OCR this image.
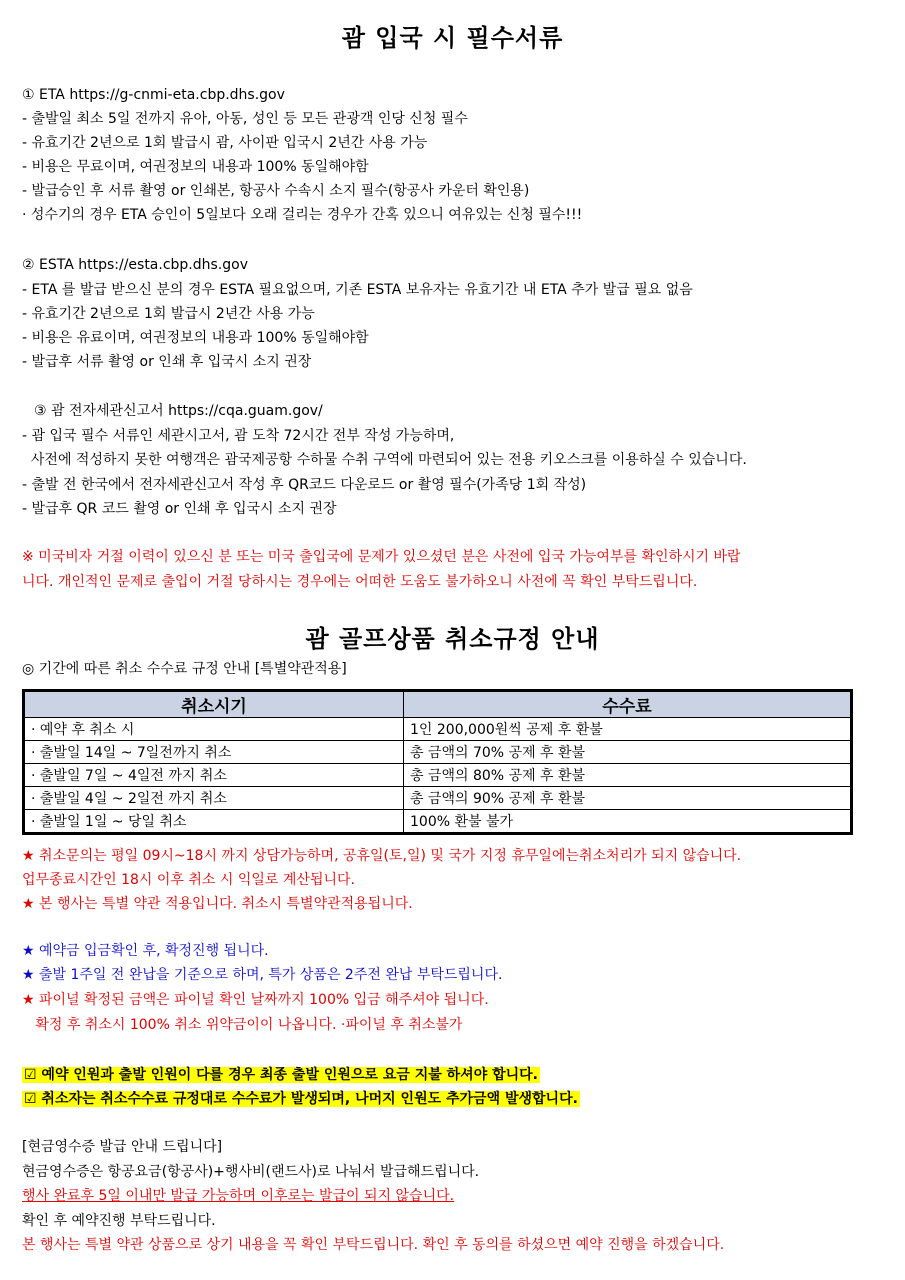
괌 입국 시 필수서류
① ETA https://g-cnmi-eta.cbp.dhs.gov
- 출발일 최소 5일 전까지 유아, 아동, 성인 등 모든 관광객 인당 신청 필수
- 유효기간 2년으로 1회 발급시 괌, 사이판 입국시 2년간 사용 가능
- 비용은 무료이며, 여권정보의 내용과 100% 동일해야함
- 발급승인 후 서류 촬영 or 인쇄본, 항공사 수속시 소지 필수(항공사 카운터 확인용)
· 성수기의 경우 ETA 승인이 5일보다 오래 걸리는 경우가 간혹 있으니 여유있는 신청 필수!!!
② ESTA https://esta.cbp.dhs.gov
- ETA 를 발급 받으신 분의 경우 ESTA 필요없으며, 기존 ESTA 보유자는 유효기간 내 ETA 추가 발급 필요 없음
- 유효기간 2년으로 1회 발급시 2년간 사용 가능
- 비용은 유료이며, 여권정보의 내용과 100% 동일해야함
- 발급후 서류 촬영 or 인쇄 후 입국시 소지 권장
③ 괌 전자세관신고서 https://cqa.guam.gov/
- 괌 입국 필수 서류인 세관시고서, 괌 도착 72시간 전부 작성 가능하며,
사전에 적성하지 못한 여행객은 괌국제공항 수하물 수취 구역에 마련되어 있는 전용 키오스크를 이용하실 수 있습니다.
- 출발 전 한국에서 전자세관신고서 작성 후 QR코드 다운로드 or 촬영 필수(가족당 1회 작성)
- 발급후 QR 코드 촬영 or 인쇄 후 입국시 소지 권장
※ 미국비자 거절 이력이 있으신 분 또는 미국 출입국에 문제가 있으셨던 분은 사전에 입국 가능여부를 확인하시기 바랍
니다. 개인적인 문제로 출입이 거절 당하시는 경우에는 어떠한 도움도 불가하오니 사전에 꼭 확인 부탁드립니다.
괌 골프상품 취소규정 안내
◎ 기간에 따른 취소 수수료 규정 안내 [특별약관적용]
취소시기	수수료
· 예약 후 취소 시	1인 200,000원씩 공제 후 환불
· 출발일 14일 ~ 7일전까지 취소	총 금액의 70% 공제 후 환불
· 출발일 7일 ~ 4일전 까지 취소	총 금액의 80% 공제 후 환불
· 출발일 4일 ~ 2일전 까지 취소	총 금액의 90% 공제 후 환불
· 출발일 1일 ~ 당일 취소	100% 환불 불가
★ 취소문의는 평일 09시~18시 까지 상담가능하며, 공휴일(토,일) 및 국가 지정 휴무일에는취소처리가 되지 않습니다.
업무종료시간인 18시 이후 취소 시 익일로 계산됩니다.
★ 본 행사는 특별 약관 적용입니다. 취소시 특별약관적용됩니다.
★ 예약금 입금확인 후, 확정진행 됩니다.
★ 출발 1주일 전 완납을 기준으로 하며, 특가 상품은 2주전 완납 부탁드립니다.
★ 파이널 확정된 금액은 파이널 확인 날짜까지 100% 입금 해주셔야 됩니다.
확정 후 취소시 100% 취소 위약금이이 나옵니다. ·파이널 후 취소불가
☑ 예약 인원과 출발 인원이 다를 경우 최종 출발 인원으로 요금 지불 하셔야 합니다.
☑ 취소자는 취소수수료 규정대로 수수료가 발생되며, 나머지 인원도 추가금액 발생합니다.
[현금영수증 발급 안내 드립니다]
현금영수증은 항공요금(항공사)+행사비(랜드사)로 나눠서 발급해드립니다.
행사 완료후 5일 이내만 발급 가능하며 이후로는 발급이 되지 않습니다.
확인 후 예약진행 부탁드립니다.
본 행사는 특별 약관 상품으로 상기 내용을 꼭 확인 부탁드립니다. 확인 후 동의를 하셨으면 예약 진행을 하겠습니다.
